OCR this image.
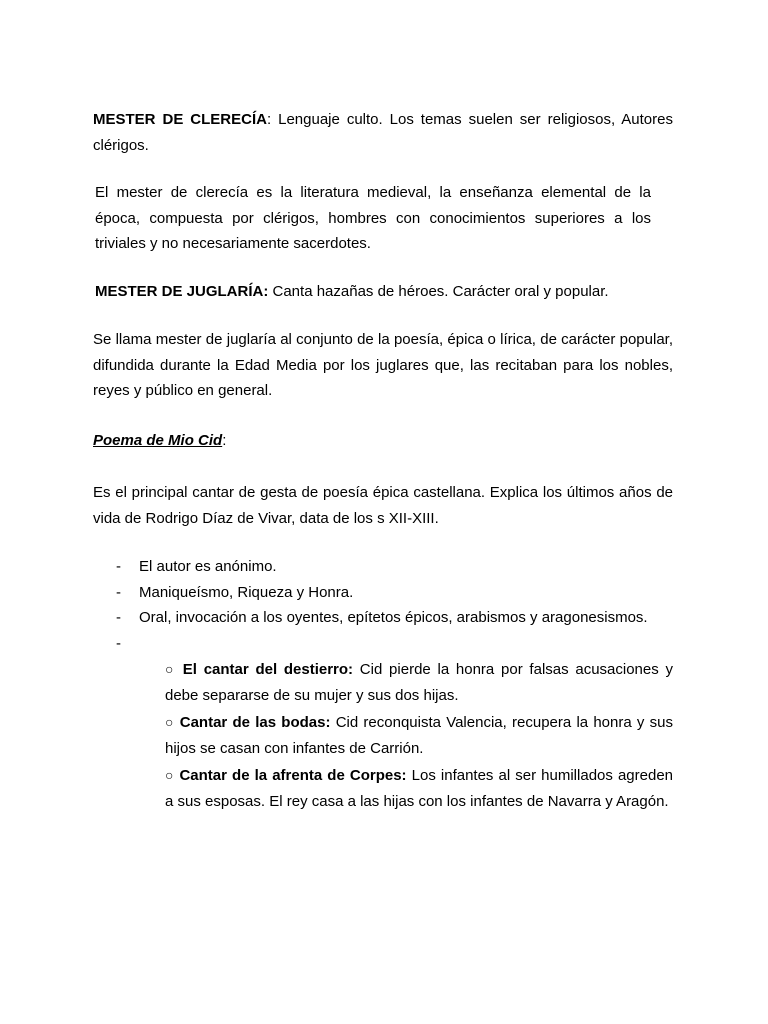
MESTER DE CLERECÍA: Lenguaje culto. Los temas suelen ser religiosos, Autores clérigos.

El mester de clerecía es la literatura medieval, la enseñanza elemental de la época, compuesta por clérigos, hombres con conocimientos superiores a los triviales y no necesariamente sacerdotes.

MESTER DE JUGLARÍA: Canta hazañas de héroes. Carácter oral y popular.

Se llama mester de juglaría al conjunto de la poesía, épica o lírica, de carácter popular, difundida durante la Edad Media por los juglares que, las recitaban para los nobles, reyes y público en general.

Poema de Mio Cid:

Es el principal cantar de gesta de poesía épica castellana. Explica los últimos años de vida de Rodrigo Díaz de Vivar, data de los s XII-XIII.

- El autor es anónimo.
- Maniqueísmo, Riqueza y Honra.
- Oral, invocación a los oyentes, epítetos épicos, arabismos y aragonesismos.
-
○ El cantar del destierro: Cid pierde la honra por falsas acusaciones y debe separarse de su mujer y sus dos hijas.
○ Cantar de las bodas: Cid reconquista Valencia, recupera la honra y sus hijos se casan con infantes de Carrión.
○ Cantar de la afrenta de Corpes: Los infantes al ser humillados agreden a sus esposas. El rey casa a las hijas con los infantes de Navarra y Aragón.
